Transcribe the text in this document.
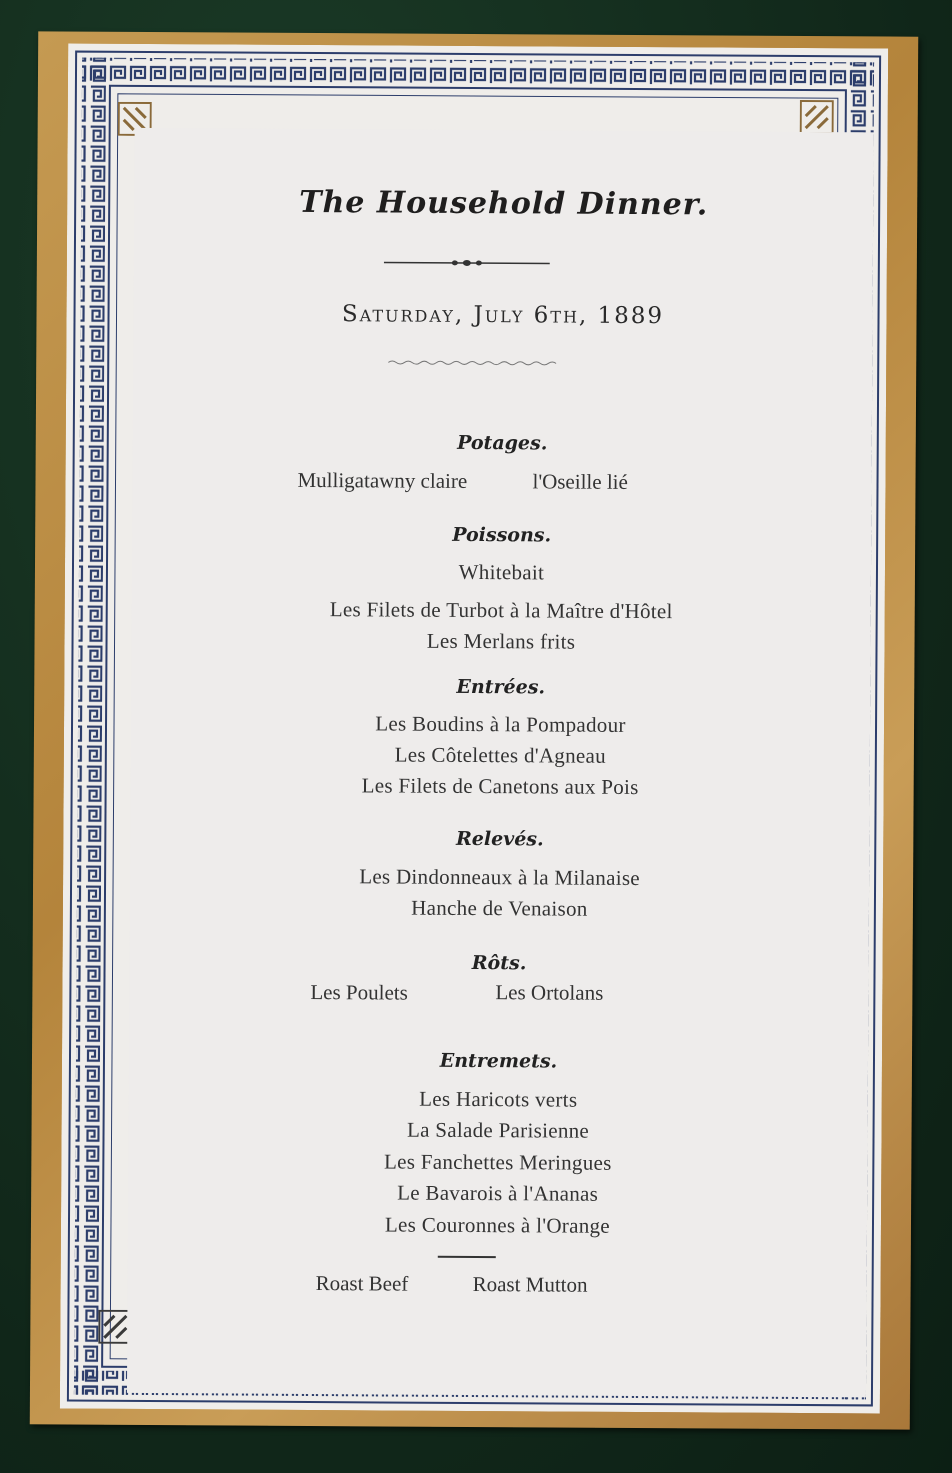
The Household Dinner.
Saturday, July 6th, 1889
Potages.
Mulligatawny claire	l'Oseille lié
Poissons.
Whitebait
Les Filets de Turbot à la Maître d'Hôtel
Les Merlans frits
Entrées.
Les Boudins à la Pompadour
Les Côtelettes d'Agneau
Les Filets de Canetons aux Pois
Relevés.
Les Dindonneaux à la Milanaise
Hanche de Venaison
Rôts.
Les Poulets	Les Ortolans
Entremets.
Les Haricots verts
La Salade Parisienne
Les Fanchettes Meringues
Le Bavarois à l'Ananas
Les Couronnes à l'Orange
Roast Beef	Roast Mutton
